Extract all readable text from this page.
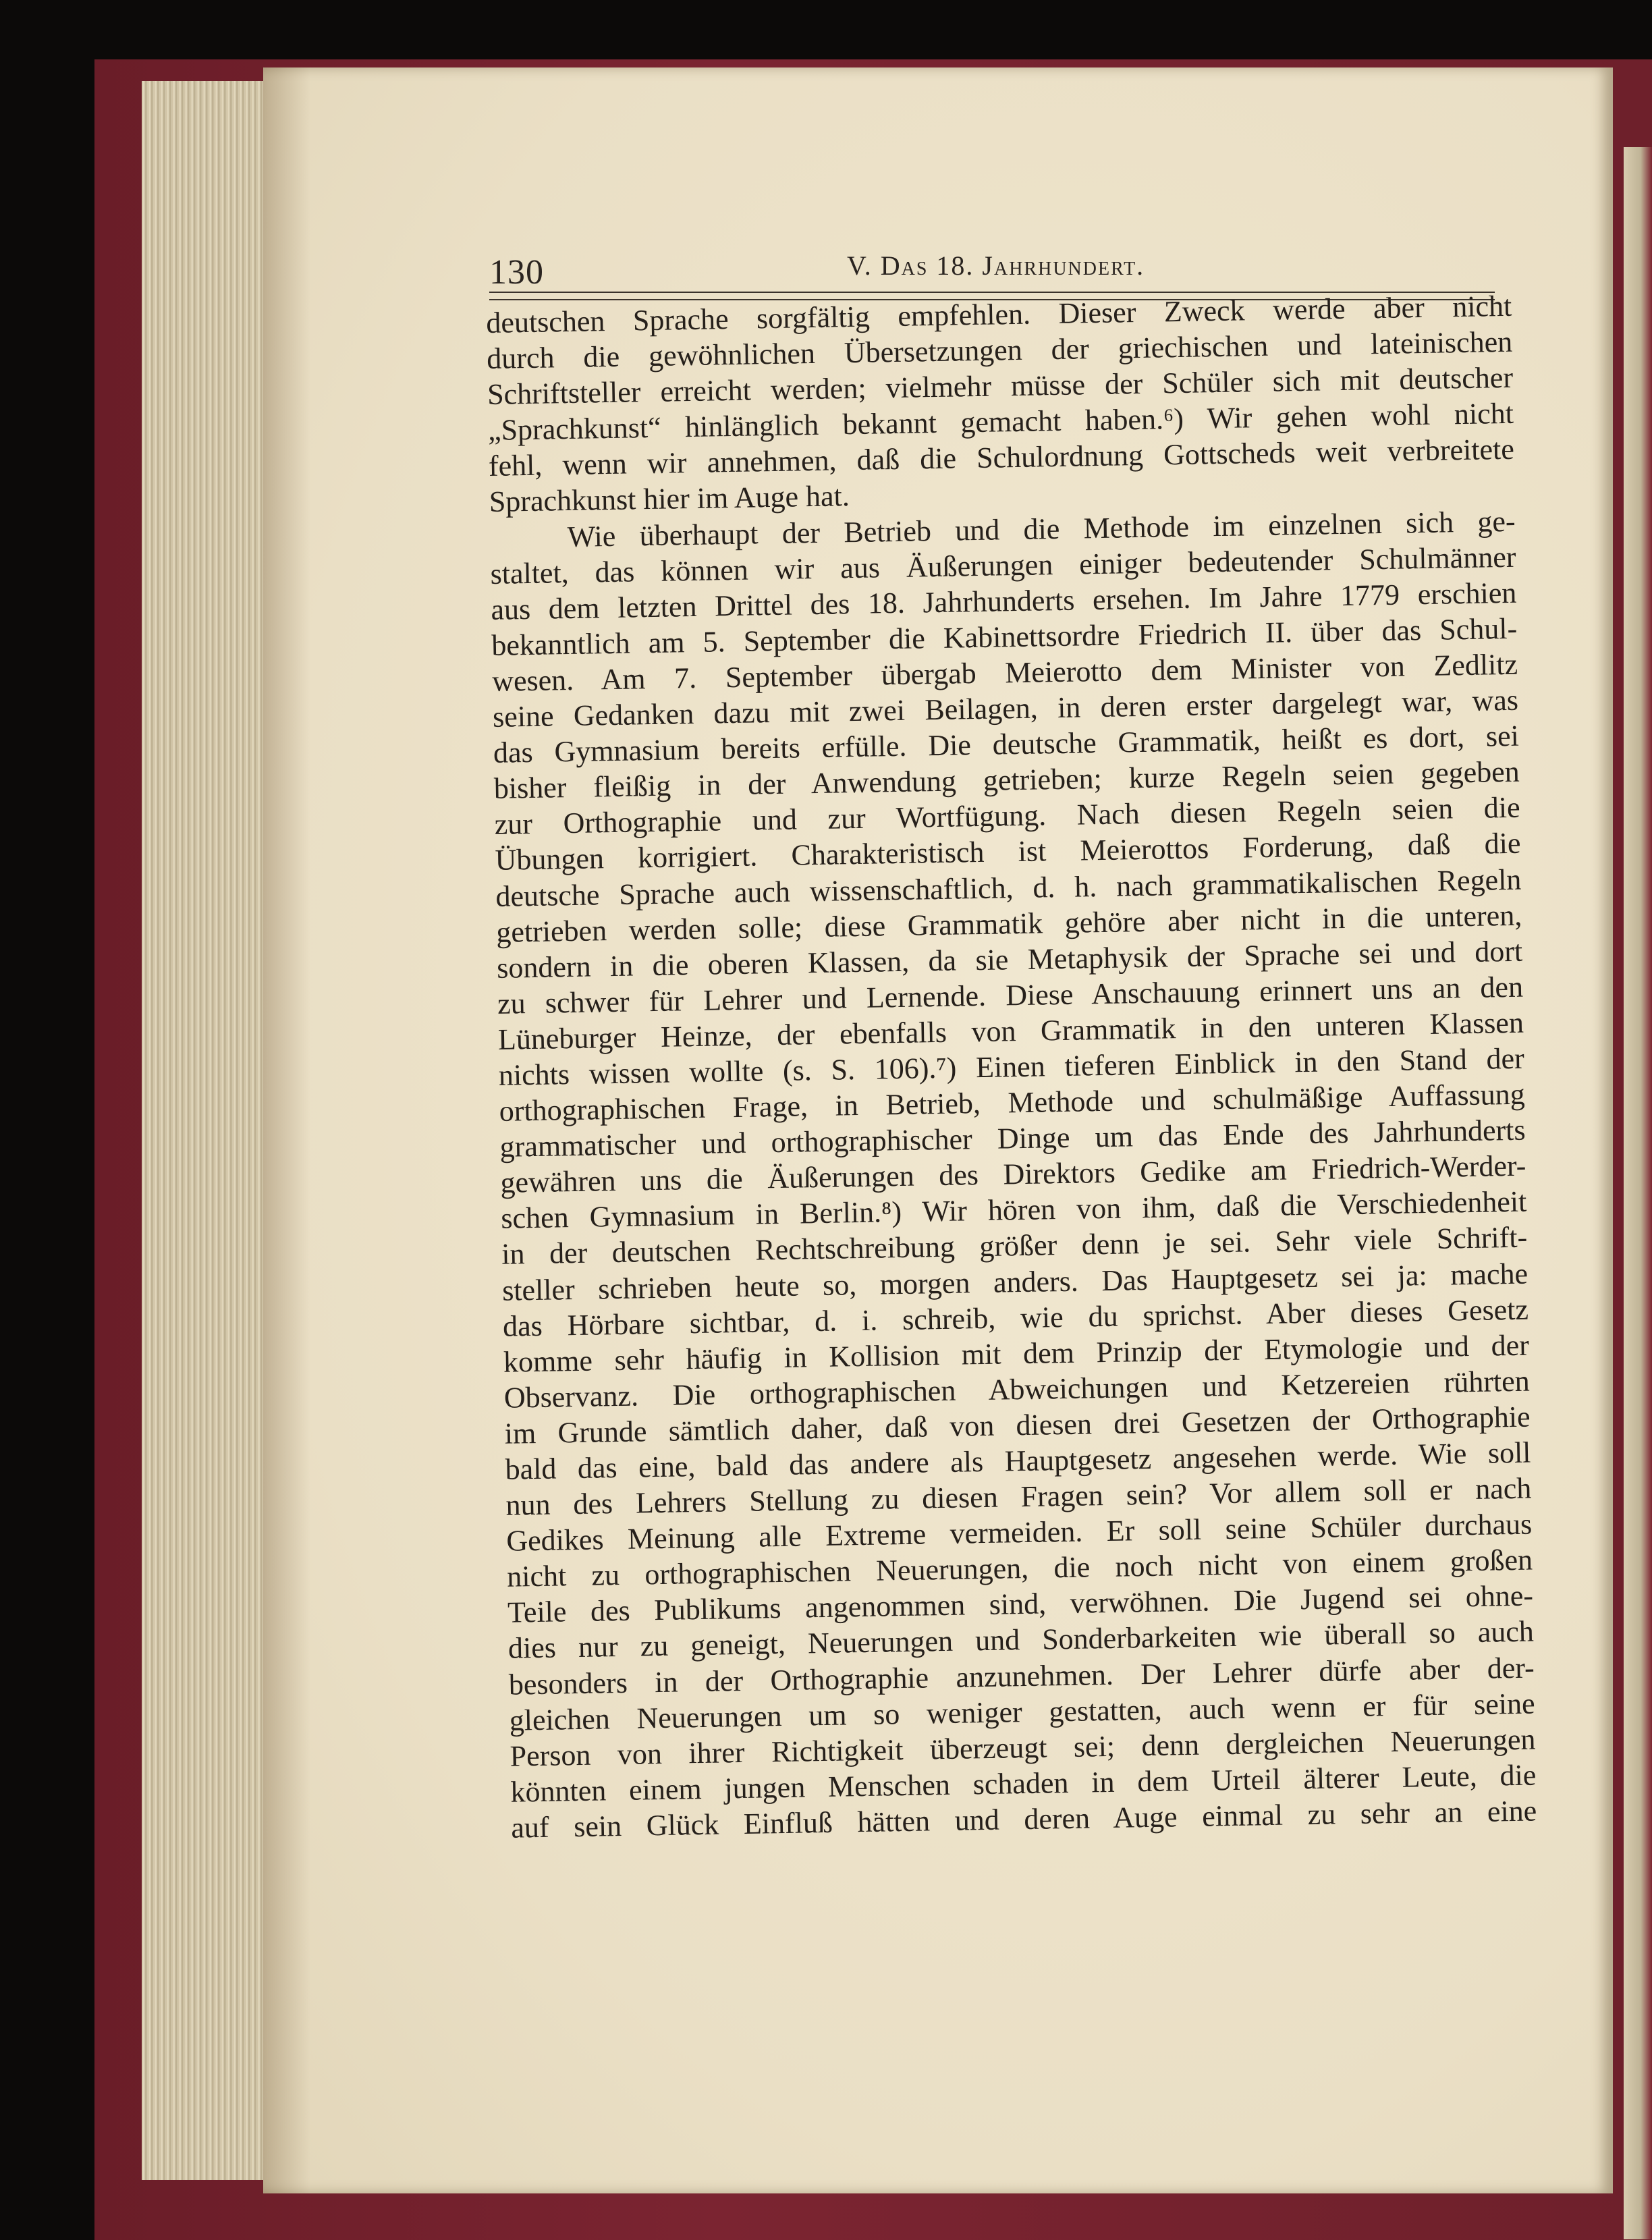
130	V. Das 18. Jahrhundert.
deutschen Sprache sorgfältig empfehlen. Dieser Zweck werde aber nicht
durch die gewöhnlichen Übersetzungen der griechischen und lateinischen
Schriftsteller erreicht werden; vielmehr müsse der Schüler sich mit deutscher
„Sprachkunst“ hinlänglich bekannt gemacht haben.⁶) Wir gehen wohl nicht
fehl, wenn wir annehmen, daß die Schulordnung Gottscheds weit verbreitete
Sprachkunst hier im Auge hat.
Wie überhaupt der Betrieb und die Methode im einzelnen sich ge-
staltet, das können wir aus Äußerungen einiger bedeutender Schulmänner
aus dem letzten Drittel des 18. Jahrhunderts ersehen. Im Jahre 1779 erschien
bekanntlich am 5. September die Kabinettsordre Friedrich II. über das Schul-
wesen. Am 7. September übergab Meierotto dem Minister von Zedlitz
seine Gedanken dazu mit zwei Beilagen, in deren erster dargelegt war, was
das Gymnasium bereits erfülle. Die deutsche Grammatik, heißt es dort, sei
bisher fleißig in der Anwendung getrieben; kurze Regeln seien gegeben
zur Orthographie und zur Wortfügung. Nach diesen Regeln seien die
Übungen korrigiert. Charakteristisch ist Meierottos Forderung, daß die
deutsche Sprache auch wissenschaftlich, d. h. nach grammatikalischen Regeln
getrieben werden solle; diese Grammatik gehöre aber nicht in die unteren,
sondern in die oberen Klassen, da sie Metaphysik der Sprache sei und dort
zu schwer für Lehrer und Lernende. Diese Anschauung erinnert uns an den
Lüneburger Heinze, der ebenfalls von Grammatik in den unteren Klassen
nichts wissen wollte (s. S. 106).⁷) Einen tieferen Einblick in den Stand der
orthographischen Frage, in Betrieb, Methode und schulmäßige Auffassung
grammatischer und orthographischer Dinge um das Ende des Jahrhunderts
gewähren uns die Äußerungen des Direktors Gedike am Friedrich-Werder-
schen Gymnasium in Berlin.⁸) Wir hören von ihm, daß die Verschiedenheit
in der deutschen Rechtschreibung größer denn je sei. Sehr viele Schrift-
steller schrieben heute so, morgen anders. Das Hauptgesetz sei ja: mache
das Hörbare sichtbar, d. i. schreib, wie du sprichst. Aber dieses Gesetz
komme sehr häufig in Kollision mit dem Prinzip der Etymologie und der
Observanz. Die orthographischen Abweichungen und Ketzereien rührten
im Grunde sämtlich daher, daß von diesen drei Gesetzen der Orthographie
bald das eine, bald das andere als Hauptgesetz angesehen werde. Wie soll
nun des Lehrers Stellung zu diesen Fragen sein? Vor allem soll er nach
Gedikes Meinung alle Extreme vermeiden. Er soll seine Schüler durchaus
nicht zu orthographischen Neuerungen, die noch nicht von einem großen
Teile des Publikums angenommen sind, verwöhnen. Die Jugend sei ohne-
dies nur zu geneigt, Neuerungen und Sonderbarkeiten wie überall so auch
besonders in der Orthographie anzunehmen. Der Lehrer dürfe aber der-
gleichen Neuerungen um so weniger gestatten, auch wenn er für seine
Person von ihrer Richtigkeit überzeugt sei; denn dergleichen Neuerungen
könnten einem jungen Menschen schaden in dem Urteil älterer Leute, die
auf sein Glück Einfluß hätten und deren Auge einmal zu sehr an eine
